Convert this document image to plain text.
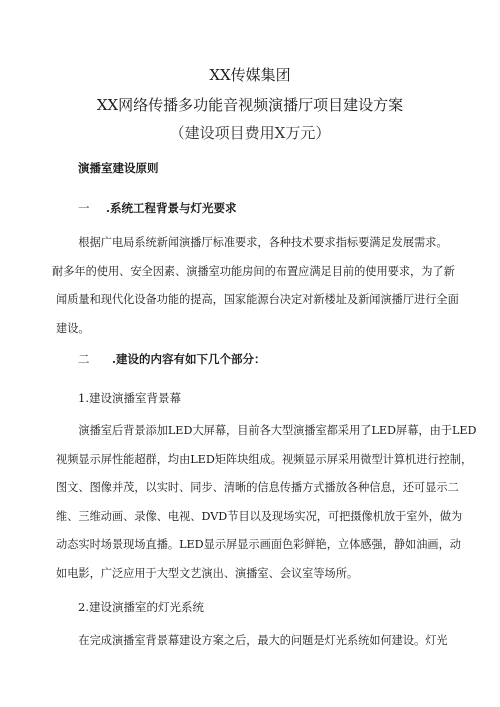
XX传媒集团
XX网络传播多功能音视频演播厅项目建设方案
（建设项目费用X万元）
演播室建设原则
一 .系统工程背景与灯光要求
　　根据广电局系统新闻演播厅标准要求，各种技术要求指标要满足发展需求。
耐多年的使用、安全因素、演播室功能房间的布置应满足目前的使用要求，为了新
闻质量和现代化设备功能的提高，国家能源台决定对新楼址及新闻演播厅进行全面
建设。
二 .建设的内容有如下几个部分：
1.建设演播室背景幕
　　演播室后背景添加LED大屏幕，目前各大型演播室都采用了LED屏幕，由于LED
视频显示屏性能超群，均由LED矩阵块组成。视频显示屏采用微型计算机进行控制，
图文、图像并茂，以实时、同步、清晰的信息传播方式播放各种信息，还可显示二
维、三维动画、录像、电视、DVD节目以及现场实况，可把摄像机放于室外，做为
动态实时场景现场直播。LED显示屏显示画面色彩鲜艳，立体感强，静如油画，动
如电影，广泛应用于大型文艺演出、演播室、会议室等场所。
2.建设演播室的灯光系统
　　在完成演播室背景幕建设方案之后，最大的问题是灯光系统如何建设。灯光
